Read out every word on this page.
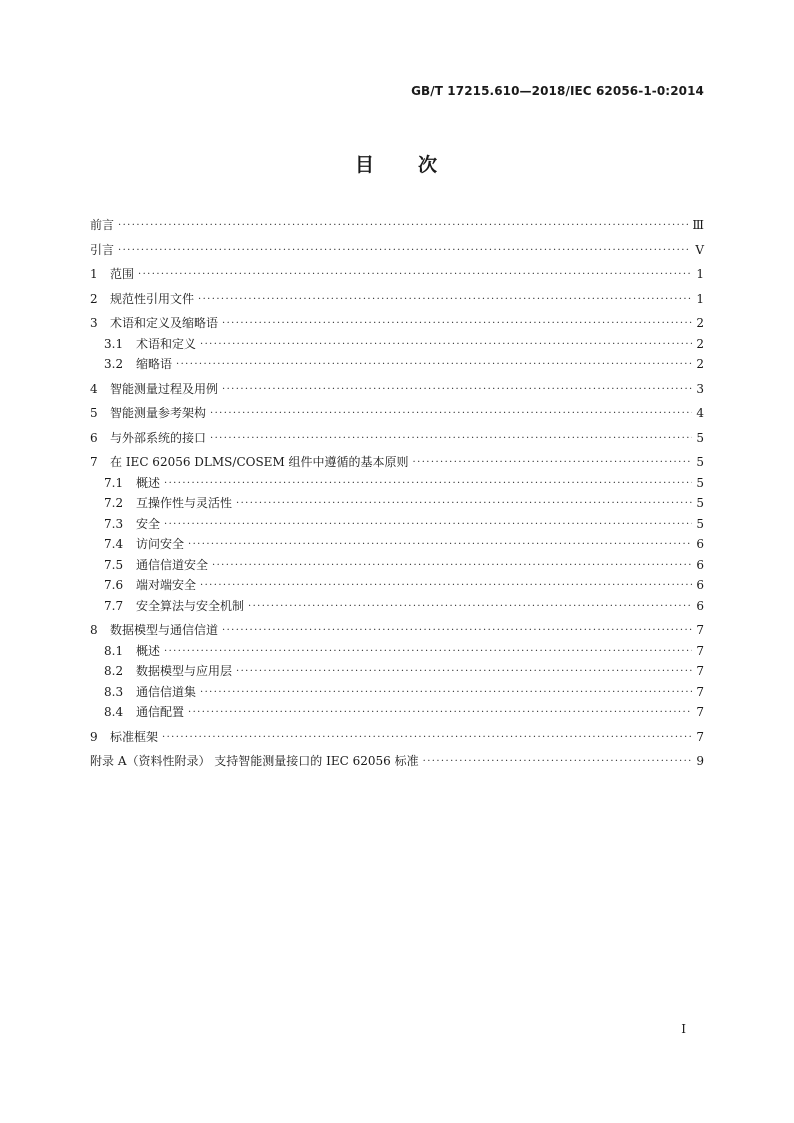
GB/T 17215.610—2018/IEC 62056-1-0:2014
目 次
前言 ·····	Ⅲ
引言 ·····	Ⅴ
1	范围 ·····	1
2	规范性引用文件 ·····	1
3	术语和定义及缩略语 ·····	2
3.1	术语和定义 ·····	2
3.2	缩略语 ·····	2
4	智能测量过程及用例 ·····	3
5	智能测量参考架构 ·····	4
6	与外部系统的接口 ·····	5
7	在 IEC 62056 DLMS/COSEM 组件中遵循的基本原则 ·····	5
7.1	概述 ·····	5
7.2	互操作性与灵活性 ·····	5
7.3	安全 ·····	5
7.4	访问安全 ·····	6
7.5	通信信道安全 ·····	6
7.6	端对端安全 ·····	6
7.7	安全算法与安全机制 ·····	6
8	数据模型与通信信道 ·····	7
8.1	概述 ·····	7
8.2	数据模型与应用层 ·····	7
8.3	通信信道集 ·····	7
8.4	通信配置 ·····	7
9	标准框架 ·····	7
附录 A（资料性附录） 支持智能测量接口的 IEC 62056 标准 ·····	9
I
